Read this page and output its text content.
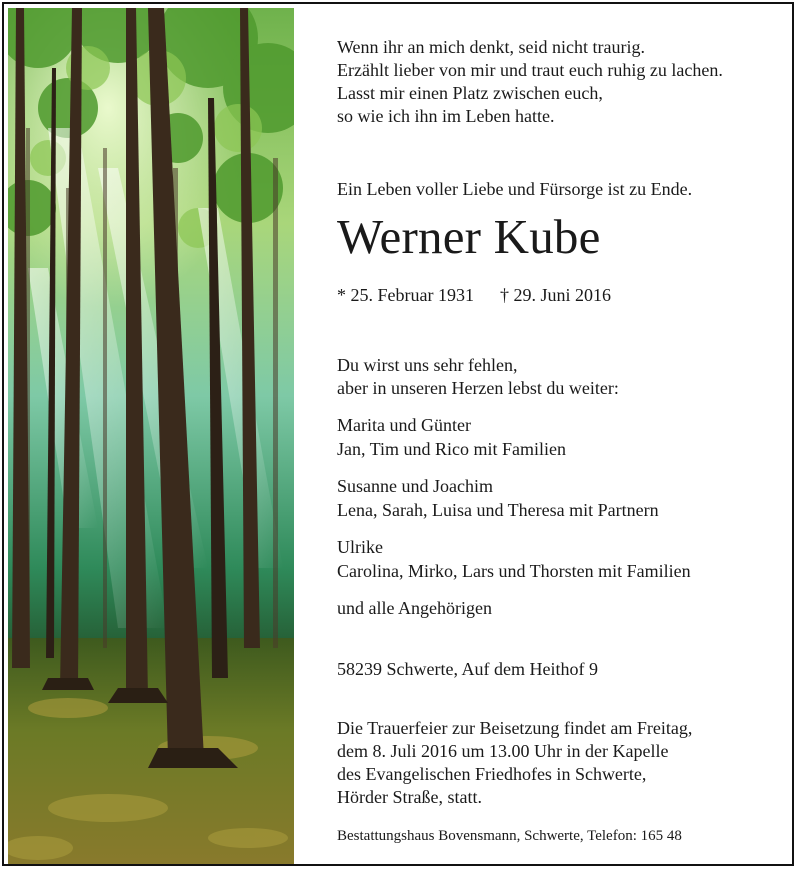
Wenn ihr an mich denkt, seid nicht traurig.
Erzählt lieber von mir und traut euch ruhig zu lachen.
Lasst mir einen Platz zwischen euch,
so wie ich ihn im Leben hatte.
Ein Leben voller Liebe und Fürsorge ist zu Ende.
Werner Kube
* 25. Februar 1931 † 29. Juni 2016
Du wirst uns sehr fehlen,
aber in unseren Herzen lebst du weiter:
Marita und Günter
Jan, Tim und Rico mit Familien
Susanne und Joachim
Lena, Sarah, Luisa und Theresa mit Partnern
Ulrike
Carolina, Mirko, Lars und Thorsten mit Familien
und alle Angehörigen
58239 Schwerte, Auf dem Heithof 9
Die Trauerfeier zur Beisetzung findet am Freitag,
dem 8. Juli 2016 um 13.00 Uhr in der Kapelle
des Evangelischen Friedhofes in Schwerte,
Hörder Straße, statt.
Bestattungshaus Bovensmann, Schwerte, Telefon: 165 48
